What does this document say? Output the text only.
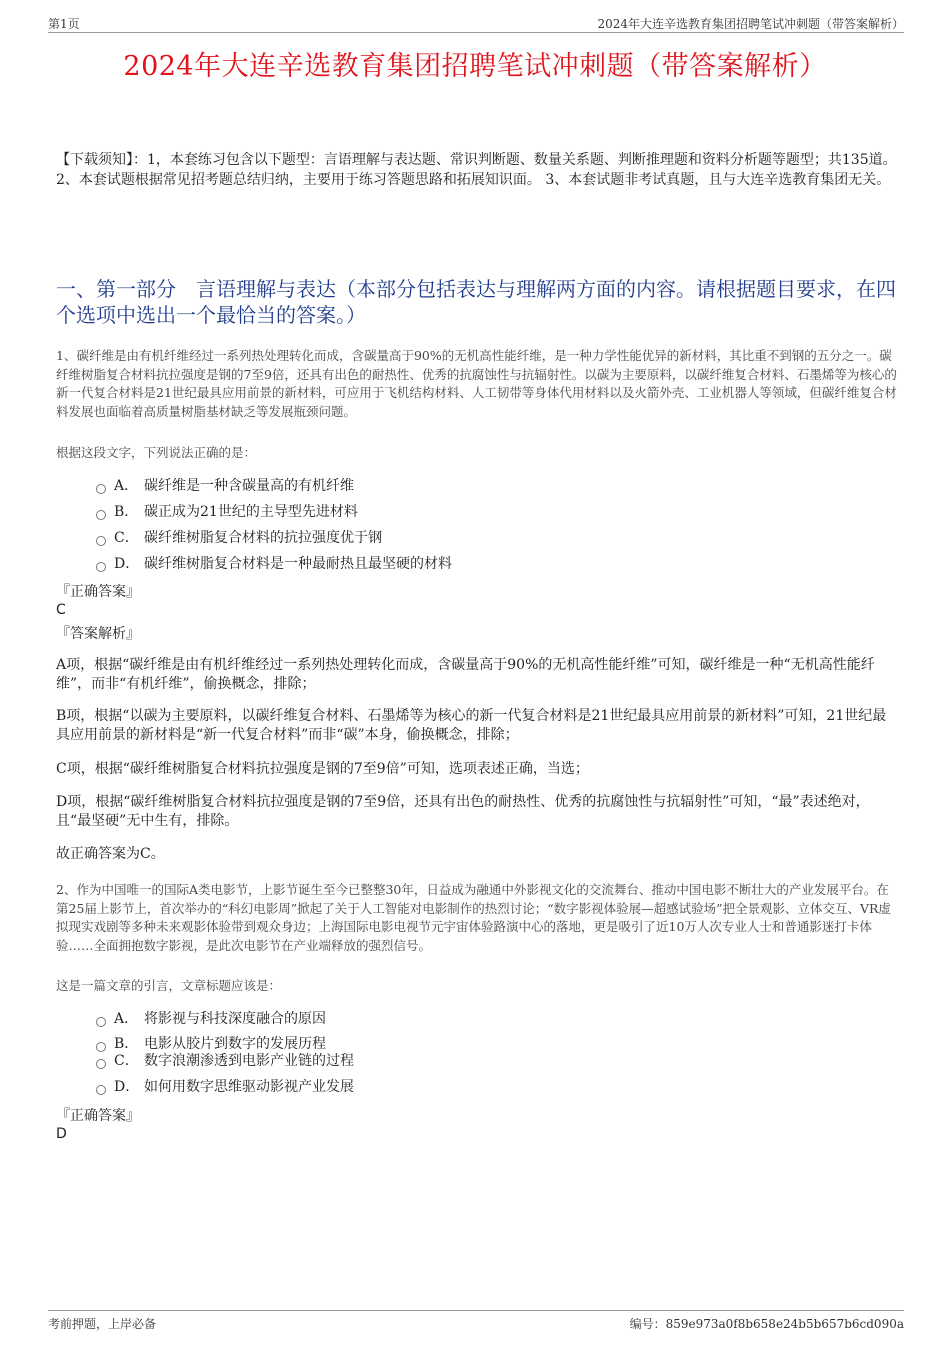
第1页	2024年大连辛选教育集团招聘笔试冲刺题（带答案解析）
2024年大连辛选教育集团招聘笔试冲刺题（带答案解析）
【下载须知】：1，本套练习包含以下题型：言语理解与表达题、常识判断题、数量关系题、判断推理题和资料分析题等题型；共135道。 2、本套试题根据常见招考题总结归纳，主要用于练习答题思路和拓展知识面。 3、本套试题非考试真题，且与大连辛选教育集团无关。
一、第一部分　言语理解与表达（本部分包括表达与理解两方面的内容。请根据题目要求，在四个选项中选出一个最恰当的答案。）
1、碳纤维是由有机纤维经过一系列热处理转化而成，含碳量高于90%的无机高性能纤维，是一种力学性能优异的新材料，其比重不到钢的五分之一。碳纤维树脂复合材料抗拉强度是钢的7至9倍，还具有出色的耐热性、优秀的抗腐蚀性与抗辐射性。以碳为主要原料，以碳纤维复合材料、石墨烯等为核心的新一代复合材料是21世纪最具应用前景的新材料，可应用于飞机结构材料、人工韧带等身体代用材料以及火箭外壳、工业机器人等领域，但碳纤维复合材料发展也面临着高质量树脂基材缺乏等发展瓶颈问题。
根据这段文字，下列说法正确的是：
A． 碳纤维是一种含碳量高的有机纤维
B． 碳正成为21世纪的主导型先进材料
C． 碳纤维树脂复合材料的抗拉强度优于钢
D． 碳纤维树脂复合材料是一种最耐热且最坚硬的材料
『正确答案』
C
『答案解析』
A项，根据“碳纤维是由有机纤维经过一系列热处理转化而成，含碳量高于90%的无机高性能纤维”可知，碳纤维是一种“无机高性能纤维”，而非“有机纤维”，偷换概念，排除；
B项，根据“以碳为主要原料，以碳纤维复合材料、石墨烯等为核心的新一代复合材料是21世纪最具应用前景的新材料”可知，21世纪最具应用前景的新材料是“新一代复合材料”而非“碳”本身，偷换概念，排除；
C项，根据“碳纤维树脂复合材料抗拉强度是钢的7至9倍”可知，选项表述正确，当选；
D项，根据“碳纤维树脂复合材料抗拉强度是钢的7至9倍，还具有出色的耐热性、优秀的抗腐蚀性与抗辐射性”可知，“最”表述绝对，且“最坚硬”无中生有，排除。
故正确答案为C。
2、作为中国唯一的国际A类电影节，上影节诞生至今已整整30年，日益成为融通中外影视文化的交流舞台、推动中国电影不断壮大的产业发展平台。在第25届上影节上，首次举办的“科幻电影周”掀起了关于人工智能对电影制作的热烈讨论；“数字影视体验展—超感试验场”把全景观影、立体交互、VR虚拟现实戏剧等多种未来观影体验带到观众身边；上海国际电影电视节元宇宙体验路演中心的落地，更是吸引了近10万人次专业人士和普通影迷打卡体验……全面拥抱数字影视，是此次电影节在产业端释放的强烈信号。
这是一篇文章的引言，文章标题应该是：
A． 将影视与科技深度融合的原因
B． 电影从胶片到数字的发展历程
C． 数字浪潮渗透到电影产业链的过程
D． 如何用数字思维驱动影视产业发展
『正确答案』
D
考前押题，上岸必备	编号：859e973a0f8b658e24b5b657b6cd090a
